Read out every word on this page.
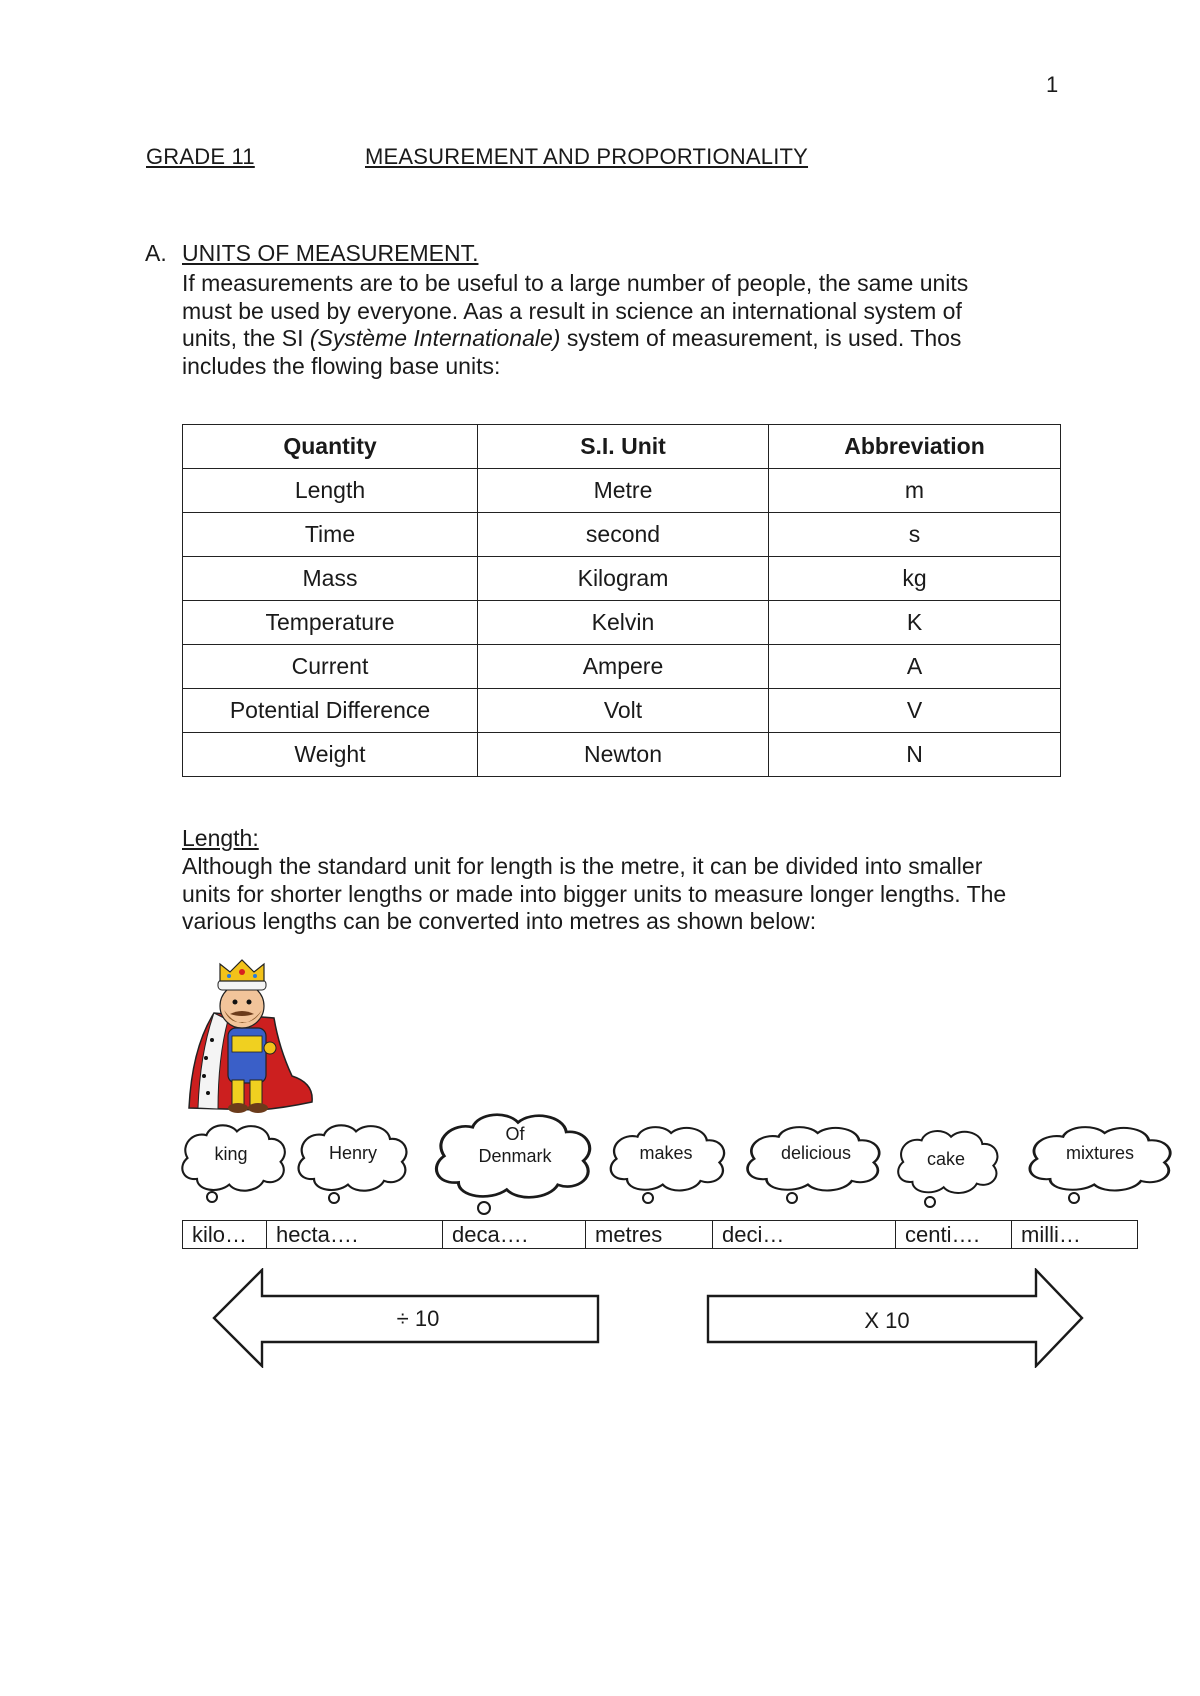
1
GRADE 11	MEASUREMENT AND PROPORTIONALITY
A. UNITS OF MEASUREMENT.
If measurements are to be useful to a large number of people, the same units
must be used by everyone. Aas a result in science an international system of
units, the SI (Système Internationale) system of measurement, is used. Thos
includes the flowing base units:
Quantity	S.I. Unit	Abbreviation
Length	Metre	m
Time	second	s
Mass	Kilogram	kg
Temperature	Kelvin	K
Current	Ampere	A
Potential Difference	Volt	V
Weight	Newton	N
Length:
Although the standard unit for length is the metre, it can be divided into smaller
units for shorter lengths or made into bigger units to measure longer lengths. The
various lengths can be converted into metres as shown below:
king	Henry
Of
Denmark	makes	delicious	cake	mixtures
kilo…	hecta….	deca….	metres	deci…	centi….	milli…
÷ 10	X 10
